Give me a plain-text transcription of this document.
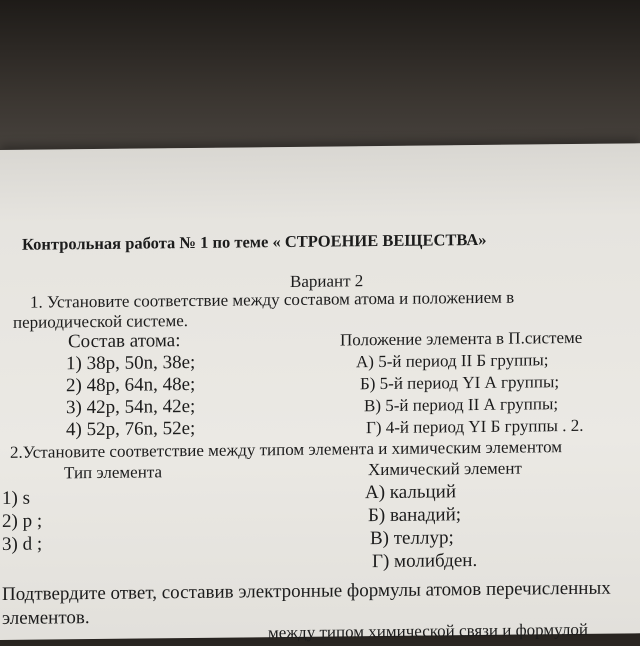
Контрольная работа № 1 по теме « СТРОЕНИЕ ВЕЩЕСТВА»
Вариант 2
1. Установите соответствие между составом атома и положением в
периодической системе.
Состав атома:
1) 38p, 50n, 38e;
2) 48p, 64n, 48e;
3) 42p, 54n, 42e;
4) 52p, 76n, 52e;
Положение элемента в П.системе
А) 5-й период II Б группы;
Б) 5-й период YI А группы;
В) 5-й период II А группы;
Г) 4-й период YI Б группы . 2.
2.Установите соответствие между типом элемента и химическим элементом
Тип элемента	Химический элемент
1) s
2) p ;
3) d ;
А) кальций
Б) ванадий;
В) теллур;
Г) молибден.
Подтвердите ответ, составив электронные формулы атомов перечисленных
элементов.
между типом химической связи и формулой
